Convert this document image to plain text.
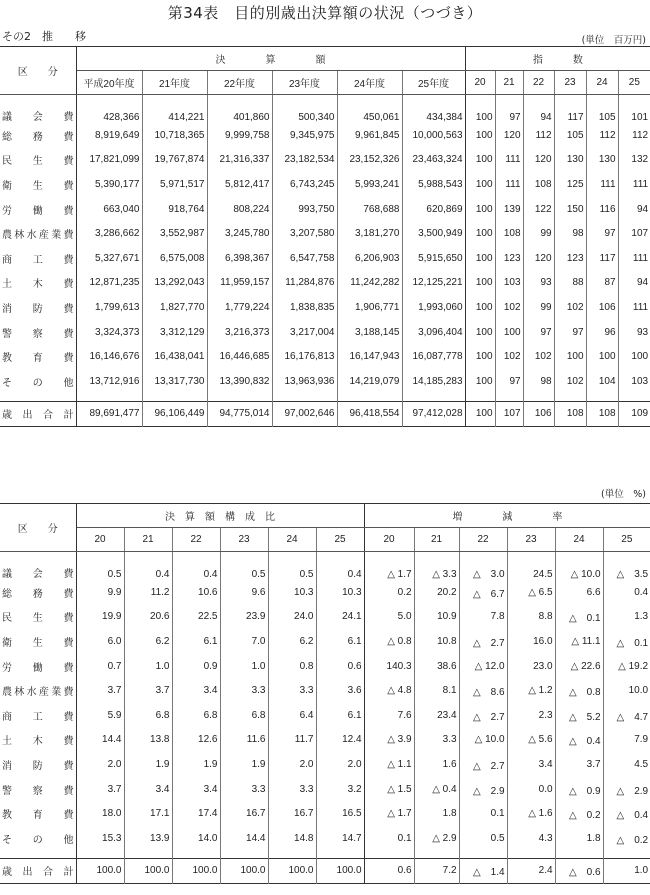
第34表　目的別歳出決算額の状況（つづき）
その2　推　　移	(単位　百万円)
区　　分	決　　　　算　　　　額						指　　　数					
	平成20年度	21年度	22年度	23年度	24年度	25年度	20	21	22	23	24	25
議会費	428,366	414,221	401,860	500,340	450,061	434,384	100	97	94	117	105	101
総務費	8,919,649	10,718,365	9,999,758	9,345,975	9,961,845	10,000,563	100	120	112	105	112	112
民生費	17,821,099	19,767,874	21,316,337	23,182,534	23,152,326	23,463,324	100	111	120	130	130	132
衛生費	5,390,177	5,971,517	5,812,417	6,743,245	5,993,241	5,988,543	100	111	108	125	111	111
労働費	663,040	918,764	808,224	993,750	768,688	620,869	100	139	122	150	116	94
農林水産業費	3,286,662	3,552,987	3,245,780	3,207,580	3,181,270	3,500,949	100	108	99	98	97	107
商工費	5,327,671	6,575,008	6,398,367	6,547,758	6,206,903	5,915,650	100	123	120	123	117	111
土木費	12,871,235	13,292,043	11,959,157	11,284,876	11,242,282	12,125,221	100	103	93	88	87	94
消防費	1,799,613	1,827,770	1,779,224	1,838,835	1,906,771	1,993,060	100	102	99	102	106	111
警察費	3,324,373	3,312,129	3,216,373	3,217,004	3,188,145	3,096,404	100	100	97	97	96	93
教育費	16,146,676	16,438,041	16,446,685	16,176,813	16,147,943	16,087,778	100	102	102	100	100	100
その他	13,712,916	13,317,730	13,390,832	13,963,936	14,219,079	14,185,283	100	97	98	102	104	103

歳出合計	89,691,477	96,106,449	94,775,014	97,002,646	96,418,554	97,412,028	100	107	106	108	108	109
(単位　%)
区　　分	決　算　額　構　成　比						増　　　　減　　　　率					
	20	21	22	23	24	25	20	21	22	23	24	25
議会費	0.5	0.4	0.4	0.5	0.5	0.4	△ 1.7	△ 3.3	△　3.0	24.5	△ 10.0	△　3.5
総務費	9.9	11.2	10.6	9.6	10.3	10.3	0.2	20.2	△　6.7	△ 6.5	6.6	0.4
民生費	19.9	20.6	22.5	23.9	24.0	24.1	5.0	10.9	7.8	8.8	△　0.1	1.3
衛生費	6.0	6.2	6.1	7.0	6.2	6.1	△ 0.8	10.8	△　2.7	16.0	△ 11.1	△　0.1
労働費	0.7	1.0	0.9	1.0	0.8	0.6	140.3	38.6	△ 12.0	23.0	△ 22.6	△ 19.2
農林水産業費	3.7	3.7	3.4	3.3	3.3	3.6	△ 4.8	8.1	△　8.6	△ 1.2	△　0.8	10.0
商工費	5.9	6.8	6.8	6.8	6.4	6.1	7.6	23.4	△　2.7	2.3	△　5.2	△　4.7
土木費	14.4	13.8	12.6	11.6	11.7	12.4	△ 3.9	3.3	△ 10.0	△ 5.6	△　0.4	7.9
消防費	2.0	1.9	1.9	1.9	2.0	2.0	△ 1.1	1.6	△　2.7	3.4	3.7	4.5
警察費	3.7	3.4	3.4	3.3	3.3	3.2	△ 1.5	△ 0.4	△　2.9	0.0	△　0.9	△　2.9
教育費	18.0	17.1	17.4	16.7	16.7	16.5	△ 1.7	1.8	0.1	△ 1.6	△　0.2	△　0.4
その他	15.3	13.9	14.0	14.4	14.8	14.7	0.1	△ 2.9	0.5	4.3	1.8	△　0.2

歳出合計	100.0	100.0	100.0	100.0	100.0	100.0	0.6	7.2	△　1.4	2.4	△　0.6	1.0
